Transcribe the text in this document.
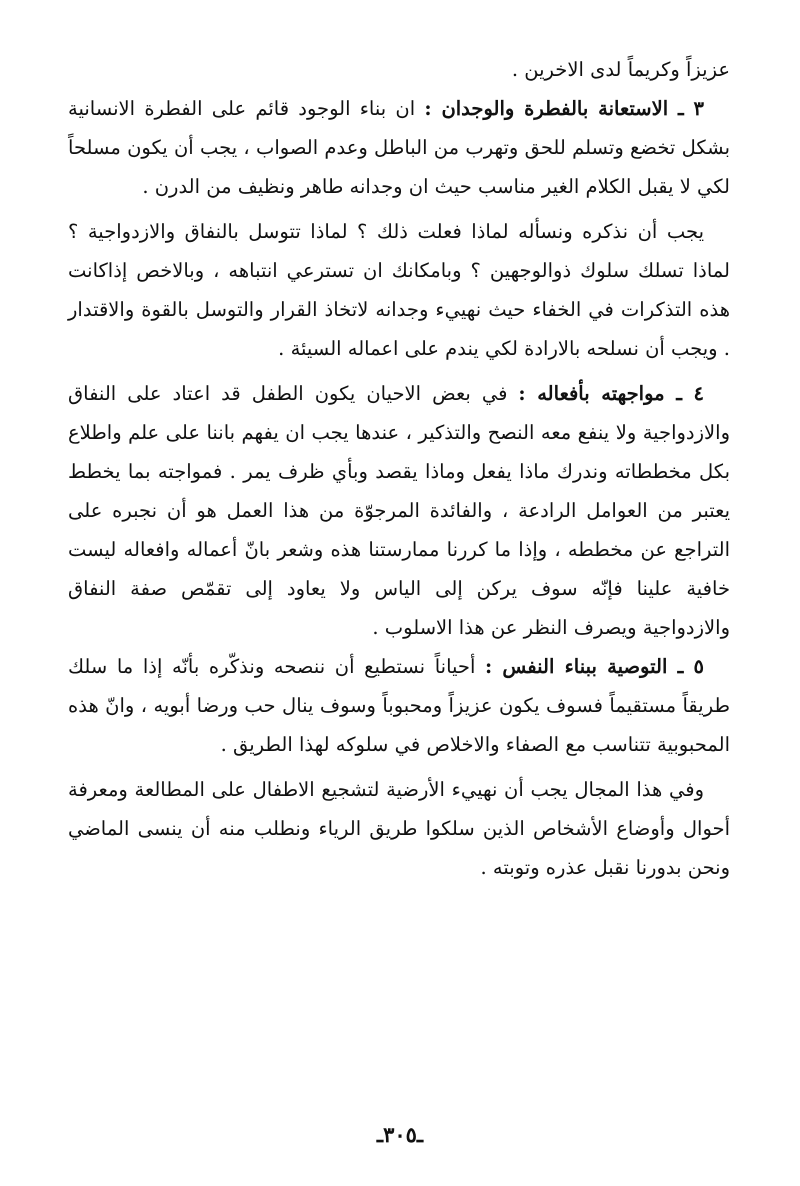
عزيزاً وكريماً لدى الاخرين .

٣ ـ الاستعانة بالفطرة والوجدان : ان بناء الوجود قائم على الفطرة الانسانية بشكل تخضع وتسلم للحق وتهرب من الباطل وعدم الصواب ، يجب أن يكون مسلحاً لكي لا يقبل الكلام الغير مناسب حيث ان وجدانه طاهر ونظيف من الدرن .

يجب أن نذكره ونسأله لماذا فعلت ذلك ؟ لماذا تتوسل بالنفاق والازدواجية ؟ لماذا تسلك سلوك ذوالوجهين ؟ وبامكانك ان تسترعي انتباهه ، وبالاخص إذاكانت هذه التذكرات في الخفاء حيث نهييء وجدانه لاتخاذ القرار والتوسل بالقوة والاقتدار . ويجب أن نسلحه بالارادة لكي يندم على اعماله السيئة .

٤ ـ مواجهته بأفعاله : في بعض الاحيان يكون الطفل قد اعتاد على النفاق والازدواجية ولا ينفع معه النصح والتذكير ، عندها يجب ان يفهم باننا على علم واطلاع بكل مخططاته وندرك ماذا يفعل وماذا يقصد وبأي ظرف يمر . فمواجته بما يخطط يعتبر من العوامل الرادعة ، والفائدة المرجوّة من هذا العمل هو أن نجبره على التراجع عن مخططه ، وإذا ما كررنا ممارستنا هذه وشعر بانّ أعماله وافعاله ليست خافية علينا فإنّه سوف يركن إلى الياس ولا يعاود إلى تقمّص صفة النفاق والازدواجية ويصرف النظر عن هذا الاسلوب .

٥ ـ التوصية ببناء النفس : أحياناً نستطيع أن ننصحه ونذكّره بأنّه إذا ما سلك طريقاً مستقيماً فسوف يكون عزيزاً ومحبوباً وسوف ينال حب ورضا أبويه ، وانّ هذه المحبوبية تتناسب مع الصفاء والاخلاص في سلوكه لهذا الطريق .

وفي هذا المجال يجب أن نهييء الأرضية لتشجيع الاطفال على المطالعة ومعرفة أحوال وأوضاع الأشخاص الذين سلكوا طريق الرياء ونطلب منه أن ينسى الماضي ونحن بدورنا نقبل عذره وتوبته .

ـ٣٠٥ـ
